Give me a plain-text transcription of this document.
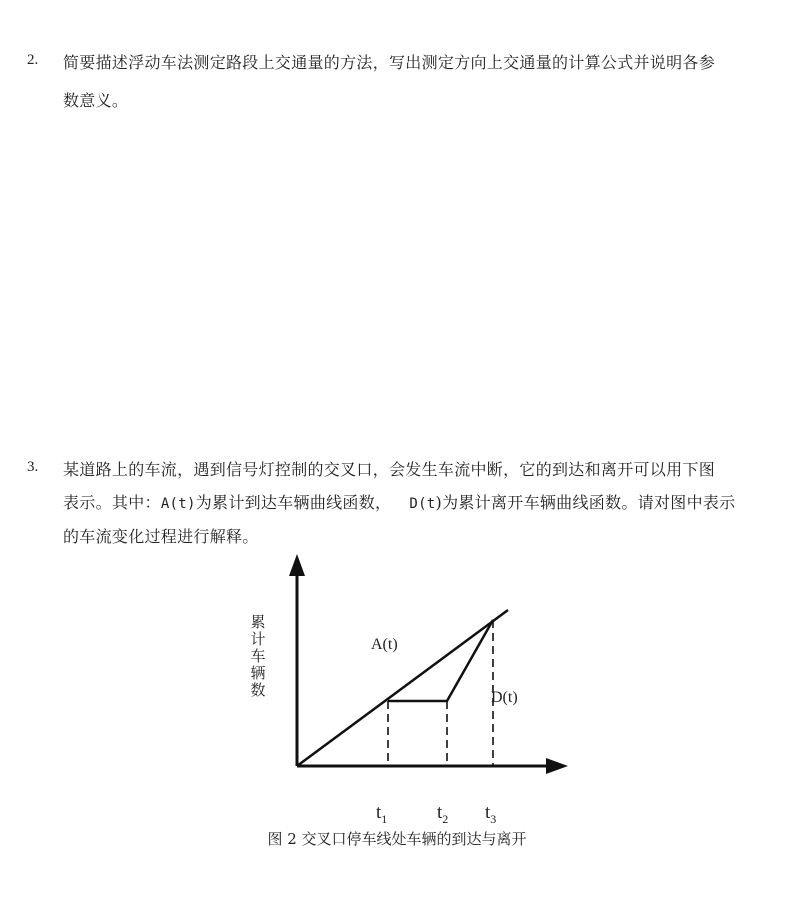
2. 简要描述浮动车法测定路段上交通量的方法，写出测定方向上交通量的计算公式并说明各参
数意义。
3. 某道路上的车流，遇到信号灯控制的交叉口，会发生车流中断，它的到达和离开可以用下图
表示。其中：A(t)为累计到达车辆曲线函数， D(t)为累计离开车辆曲线函数。请对图中表示
的车流变化过程进行解释。
A(t)
D(t)
累
计
车
辆
数
$t_1$	$t_2$ $t_3$
图 2 交叉口停车线处车辆的到达与离开
